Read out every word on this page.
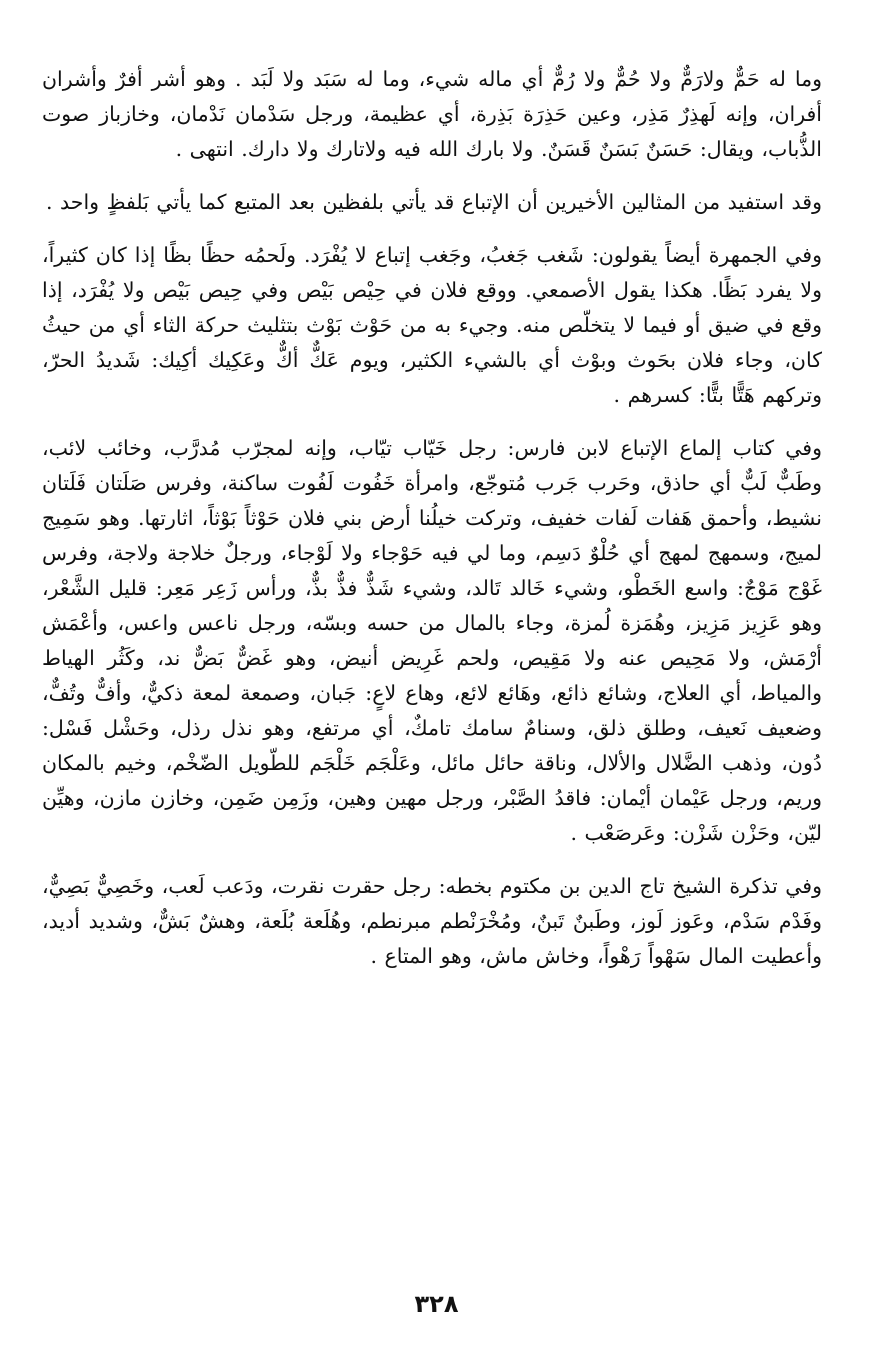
وما له حَمٌّ ولارَمٌّ ولا حُمٌّ ولا رُمٌّ أي ماله شيء، وما له سَبَد ولا لَبَد . وهو أشر أفرٌ وأشران أفران، وإنه لَهذِرٌ مَذِر، وعين حَذِرَة بَذِرة، أي عظيمة، ورجل سَدْمان نَدْمان، وخازباز صوت الذُّباب، ويقال: حَسَنٌ بَسَنٌ قَسَنٌ. ولا بارك الله فيه ولاتارك ولا دارك. انتهى .

وقد استفيد من المثالين الأخيرين أن الإتباع قد يأتي بلفظين بعد المتبع كما يأتي بَلفظٍ واحد .

وفي الجمهرة أيضاً يقولون: شَغب جَغبُ، وجَغب إتباع لا يُفْرَد. ولَحمُه حظًا بظًا إذا كان كثيراً، ولا يفرد بَظًا. هكذا يقول الأصمعي. ووقع فلان في حِيْص بَيْص وفي حِيص بَيْص ولا يُفْرَد، إذا وقع في ضيق أو فيما لا يتخلّص منه. وجيء به من حَوْث بَوْث بتثليث حركة الثاء أي من حيثُ كان، وجاء فلان بحَوث وبوْث أي بالشيء الكثير، ويوم عَكٌّ أكٌّ وعَكِيك أكِيك: شَديدُ الحرّ، وتركهم هَتًّا بتًّا: كسرهم .

وفي كتاب إلماع الإتباع لابن فارس: رجل خَيّاب تيّاب، وإنه لمجرّب مُدرَّب، وخائب لائب، وطَبٌّ لَبٌّ أي حاذق، وحَرب جَرب مُتوجّع، وامرأة خَفُوت لَفُوت ساكنة، وفرس صَلَتان فَلَتان نشيط، وأحمق هَفات لَفات خفيف، وتركت خيلُنا أرض بني فلان حَوْثاً بَوْثاً، اثارتها. وهو سَمِيج لميج، وسمهج لمهج أي حُلْوٌ دَسِم، وما لي فيه حَوْجاء ولا لَوْجاء، ورجلٌ خلاجة ولاجة، وفرس غَوْج مَوْجٌ: واسع الخَطْو، وشيء خَالد تَالد، وشيء شَذٌّ فذٌّ بذٌّ، ورأس زَعِر مَعِر: قليل الشَّعْر، وهو عَزِيز مَزِيز، وهُمَزة لُمزة، وجاء بالمال من حسه وبسّه، ورجل ناعس واعس، وأعْمَش أرْمَش، ولا مَحِيص عنه ولا مَقِيص، ولحم غَرِيض أنيض، وهو غَضٌّ بَضٌّ ند، وكَثُر الهياط والمياط، أي العلاج، وشائع ذائع، وهَائع لائع، وهاع لاعٍ: جَبان، وصمعة لمعة ذكيٌّ، وأفٌّ وتُفٌّ، وضعيف نَعيف، وطلق ذلق، وسنامٌ سامك تامكٌ، أي مرتفع، وهو نذل رذل، وحَشْل فَسْل: دُون، وذهب الضَّلال والألال، وناقة حائل مائل، وعَلْجَم خَلْجَم للطّويل الضّخْم، وخيم بالمكان وريم، ورجل عَيْمان أيْمان: فاقدُ الصَّبْر، ورجل مهين وهين، وزَمِن ضَمِن، وخازن مازن، وهيِّن ليّن، وحَزْن شَزْن: وعَرصَعْب .

وفي تذكرة الشيخ تاج الدين بن مكتوم بخطه: رجل حقرت نقرت، ودَعب لَعب، وخَصِيٌّ بَصِيٌّ، وفَدْم سَدْم، وعَوز لَوز، وطَبنٌ تَبنٌ، ومُخْرَنْطم مبرنطم، وهُلَعة بُلَعة، وهشٌ بَشٌّ، وشديد أديد، وأعطيت المال سَهْواً رَهْواً، وخاش ماش، وهو المتاع .

٣٢٨
